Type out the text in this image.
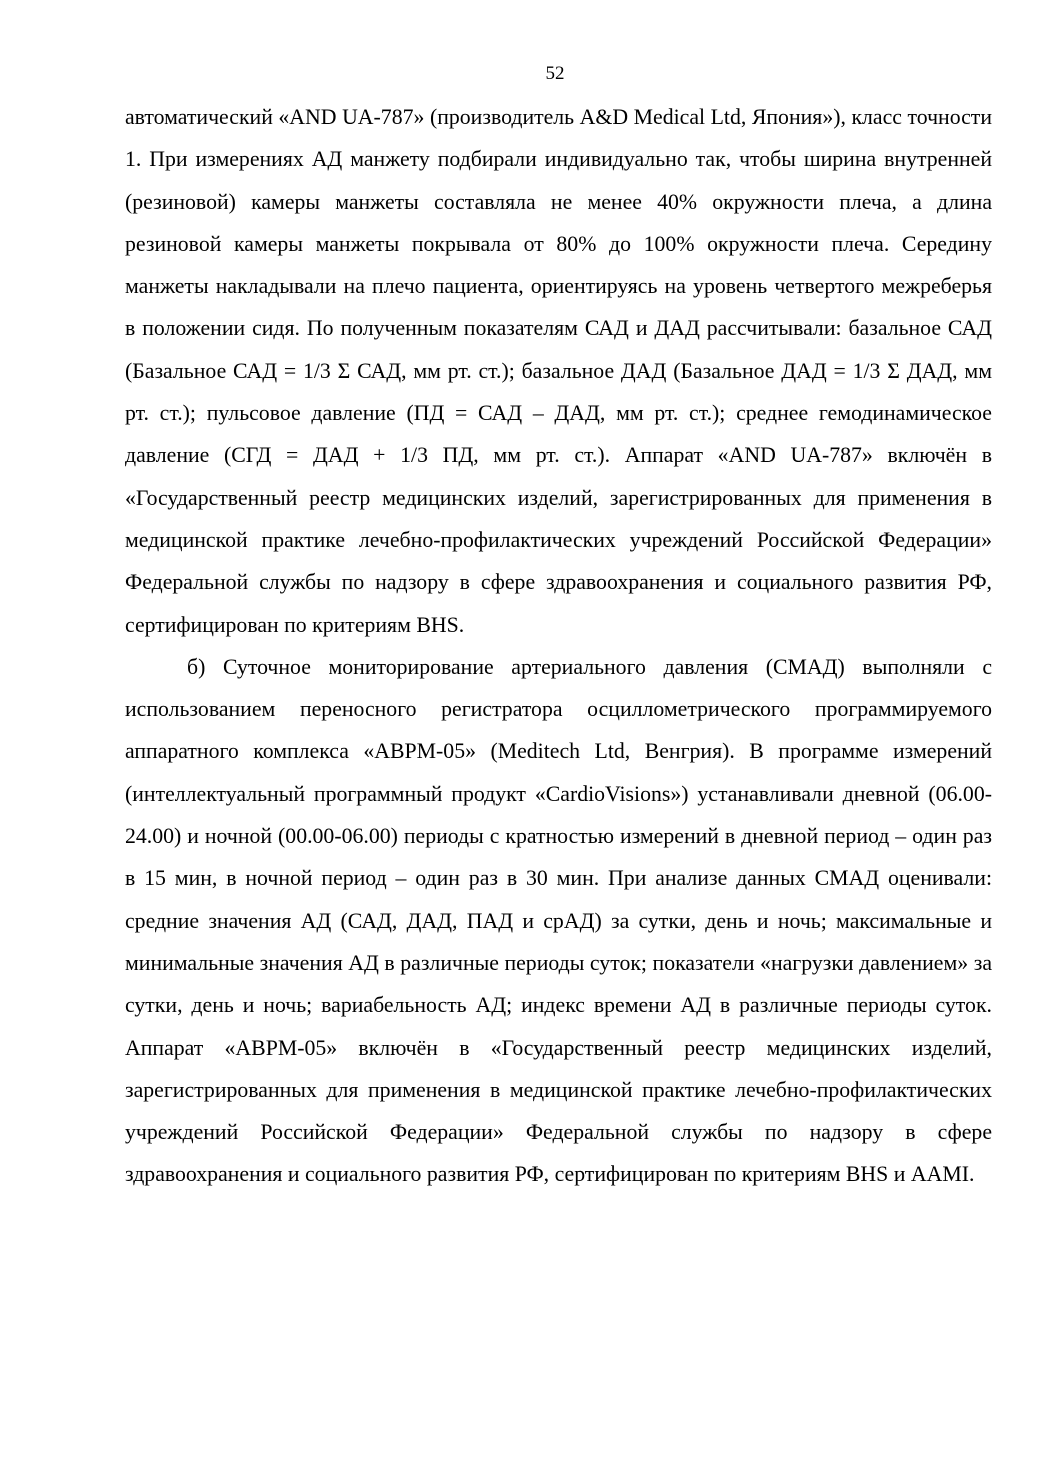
52

автоматический «AND UA-787» (производитель A&D Medical Ltd, Япония»), класс точности 1. При измерениях АД манжету подбирали индивидуально так, чтобы ширина внутренней (резиновой) камеры манжеты составляла не менее 40% окружности плеча, а длина резиновой камеры манжеты покрывала от 80% до 100% окружности плеча. Середину манжеты накладывали на плечо пациента, ориентируясь на уровень четвертого межреберья в положении сидя. По полученным показателям САД и ДАД рассчитывали: базальное САД (Базальное САД = 1/3 Σ САД, мм рт. ст.); базальное ДАД (Базальное ДАД = 1/3 Σ ДАД, мм рт. ст.); пульсовое давление (ПД = САД – ДАД, мм рт. ст.); среднее гемодинамическое давление (СГД = ДАД + 1/3 ПД, мм рт. ст.). Аппарат «AND UA-787» включён в «Государственный реестр медицинских изделий, зарегистрированных для применения в медицинской практике лечебно-профилактических учреждений Российской Федерации» Федеральной службы по надзору в сфере здравоохранения и социального развития РФ, сертифицирован по критериям BHS.

б) Суточное мониторирование артериального давления (СМАД) выполняли с использованием переносного регистратора осциллометрического программируемого аппаратного комплекса «ABPM-05» (Meditech Ltd, Венгрия). В программе измерений (интеллектуальный программный продукт «CardioVisions») устанавливали дневной (06.00-24.00) и ночной (00.00-06.00) периоды с кратностью измерений в дневной период – один раз в 15 мин, в ночной период – один раз в 30 мин. При анализе данных СМАД оценивали: средние значения АД (САД, ДАД, ПАД и срАД) за сутки, день и ночь; максимальные и минимальные значения АД в различные периоды суток; показатели «нагрузки давлением» за сутки, день и ночь; вариабельность АД; индекс времени АД в различные периоды суток. Аппарат «ABPM-05» включён в «Государственный реестр медицинских изделий, зарегистрированных для применения в медицинской практике лечебно-профилактических учреждений Российской Федерации» Федеральной службы по надзору в сфере здравоохранения и социального развития РФ, сертифицирован по критериям BHS и AAMI.
